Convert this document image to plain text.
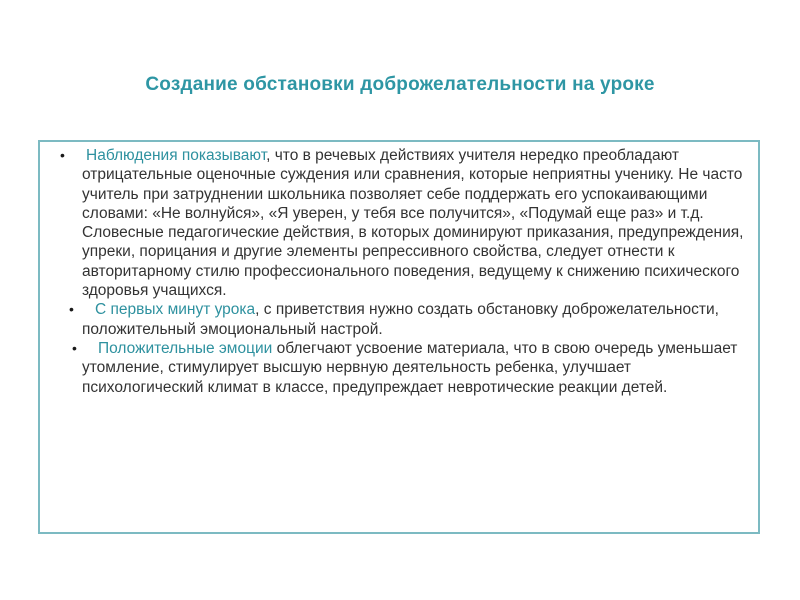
Создание обстановки доброжелательности на уроке
• Наблюдения показывают, что в речевых действиях учителя нередко преобладают отрицательные оценочные суждения или сравнения, которые неприятны ученику. Не часто учитель при затруднении школьника позволяет себе поддержать его успокаивающими словами: «Не волнуйся», «Я уверен, у тебя все получится», «Подумай еще раз» и т.д. Словесные педагогические действия, в которых доминируют приказания, предупреждения, упреки, порицания и другие элементы репрессивного свойства, следует отнести к авторитарному стилю профессионального поведения, ведущему к снижению психического здоровья учащихся.
• С первых минут урока, с приветствия нужно создать обстановку доброжелательности, положительный эмоциональный настрой.
• Положительные эмоции облегчают усвоение материала, что в свою очередь уменьшает утомление, стимулирует высшую нервную деятельность ребенка, улучшает психологический климат в классе, предупреждает невротические реакции детей.
